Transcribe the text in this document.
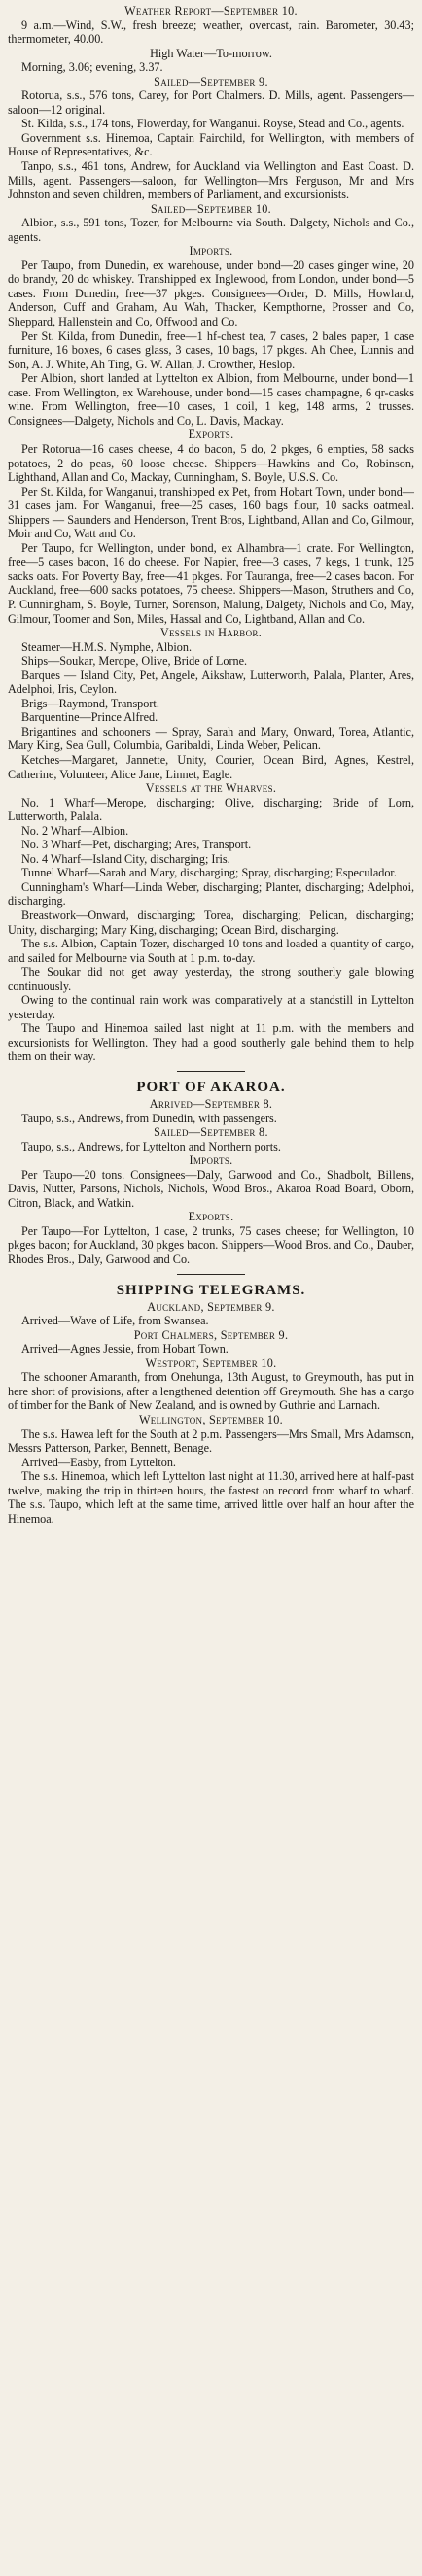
Weather Report—September 10.

9 a.m.—Wind, S.W., fresh breeze; weather, overcast, rain. Barometer, 30.43; thermometer, 40.00.

High Water—To-morrow.

Morning, 3.06; evening, 3.37.

Sailed—September 9.

Rotorua, s.s., 576 tons, Carey, for Port Chalmers. D. Mills, agent. Passengers—saloon—12 original.

St. Kilda, s.s., 174 tons, Flowerday, for Wanganui. Royse, Stead and Co., agents.

Government s.s. Hinemoa, Captain Fairchild, for Wellington, with members of House of Representatives, &c.

Tanpo, s.s., 461 tons, Andrew, for Auckland via Wellington and East Coast. D. Mills, agent. Passengers—saloon, for Wellington—Mrs Ferguson, Mr and Mrs Johnston and seven children, members of Parliament, and excursionists.

Sailed—September 10.

Albion, s.s., 591 tons, Tozer, for Melbourne via South. Dalgety, Nichols and Co., agents.

Imports.

Per Taupo, from Dunedin, ex warehouse, under bond—20 cases ginger wine, 20 do brandy, 20 do whiskey. Transhipped ex Inglewood, from London, under bond—5 cases. From Dunedin, free—37 pkges. Consignees—Order, D. Mills, Howland, Anderson, Cuff and Graham, Au Wah, Thacker, Kempthorne, Prosser and Co, Sheppard, Hallenstein and Co, Offwood and Co.

Per St. Kilda, from Dunedin, free—1 hf-chest tea, 7 cases, 2 bales paper, 1 case furniture, 16 boxes, 6 cases glass, 3 cases, 10 bags, 17 pkges. Ah Chee, Lunnis and Son, A. J. White, Ah Ting, G. W. Allan, J. Crowther, Heslop.

Per Albion, short landed at Lyttelton ex Albion, from Melbourne, under bond—1 case. From Wellington, ex Warehouse, under bond—15 cases champagne, 6 qr-casks wine. From Wellington, free—10 cases, 1 coil, 1 keg, 148 arms, 2 trusses. Consignees—Dalgety, Nichols and Co, L. Davis, Mackay.

Exports.

Per Rotorua—16 cases cheese, 4 do bacon, 5 do, 2 pkges, 6 empties, 58 sacks potatoes, 2 do peas, 60 loose cheese. Shippers—Hawkins and Co, Robinson, Lighthand, Allan and Co, Mackay, Cunningham, S. Boyle, U.S.S. Co.

Per St. Kilda, for Wanganui, transhipped ex Pet, from Hobart Town, under bond—31 cases jam. For Wanganui, free—25 cases, 160 bags flour, 10 sacks oatmeal. Shippers — Saunders and Henderson, Trent Bros, Lightband, Allan and Co, Gilmour, Moir and Co, Watt and Co.

Per Taupo, for Wellington, under bond, ex Alhambra—1 crate. For Wellington, free—5 cases bacon, 16 do cheese. For Napier, free—3 cases, 7 kegs, 1 trunk, 125 sacks oats. For Poverty Bay, free—41 pkges. For Tauranga, free—2 cases bacon. For Auckland, free—600 sacks potatoes, 75 cheese. Shippers—Mason, Struthers and Co, P. Cunningham, S. Boyle, Turner, Sorenson, Malung, Dalgety, Nichols and Co, May, Gilmour, Toomer and Son, Miles, Hassal and Co, Lightband, Allan and Co.

Vessels in Harbor.

Steamer—H.M.S. Nymphe, Albion.

Ships—Soukar, Merope, Olive, Bride of Lorne.

Barques — Island City, Pet, Angele, Aikshaw, Lutterworth, Palala, Planter, Ares, Adelphoi, Iris, Ceylon.

Brigs—Raymond, Transport.

Barquentine—Prince Alfred.

Brigantines and schooners — Spray, Sarah and Mary, Onward, Torea, Atlantic, Mary King, Sea Gull, Columbia, Garibaldi, Linda Weber, Pelican.

Ketches—Margaret, Jannette, Unity, Courier, Ocean Bird, Agnes, Kestrel, Catherine, Volunteer, Alice Jane, Linnet, Eagle.

Vessels at the Wharves.

No. 1 Wharf—Merope, discharging; Olive, discharging; Bride of Lorn, Lutterworth, Palala.

No. 2 Wharf—Albion.

No. 3 Wharf—Pet, discharging; Ares, Transport.

No. 4 Wharf—Island City, discharging; Iris.

Tunnel Wharf—Sarah and Mary, discharging; Spray, discharging; Especulador.

Cunningham's Wharf—Linda Weber, discharging; Planter, discharging; Adelphoi, discharging.

Breastwork—Onward, discharging; Torea, discharging; Pelican, discharging; Unity, discharging; Mary King, discharging; Ocean Bird, discharging.

The s.s. Albion, Captain Tozer, discharged 10 tons and loaded a quantity of cargo, and sailed for Melbourne via South at 1 p.m. to-day.

The Soukar did not get away yesterday, the strong southerly gale blowing continuously.

Owing to the continual rain work was comparatively at a standstill in Lyttelton yesterday.

The Taupo and Hinemoa sailed last night at 11 p.m. with the members and excursionists for Wellington. They had a good southerly gale behind them to help them on their way.

PORT OF AKAROA.

Arrived—September 8.

Taupo, s.s., Andrews, from Dunedin, with passengers.

Sailed—September 8.

Taupo, s.s., Andrews, for Lyttelton and Northern ports.

Imports.

Per Taupo—20 tons. Consignees—Daly, Garwood and Co., Shadbolt, Billens, Davis, Nutter, Parsons, Nichols, Nichols, Wood Bros., Akaroa Road Board, Oborn, Citron, Black, and Watkin.

Exports.

Per Taupo—For Lyttelton, 1 case, 2 trunks, 75 cases cheese; for Wellington, 10 pkges bacon; for Auckland, 30 pkges bacon. Shippers—Wood Bros. and Co., Dauber, Rhodes Bros., Daly, Garwood and Co.

SHIPPING TELEGRAMS.

Auckland, September 9.

Arrived—Wave of Life, from Swansea.

Port Chalmers, September 9.

Arrived—Agnes Jessie, from Hobart Town.

Westport, September 10.

The schooner Amaranth, from Onehunga, 13th August, to Greymouth, has put in here short of provisions, after a lengthened detention off Greymouth. She has a cargo of timber for the Bank of New Zealand, and is owned by Guthrie and Larnach.

Wellington, September 10.

The s.s. Hawea left for the South at 2 p.m. Passengers—Mrs Small, Mrs Adamson, Messrs Patterson, Parker, Bennett, Benage.

Arrived—Easby, from Lyttelton.

The s.s. Hinemoa, which left Lyttelton last night at 11.30, arrived here at half-past twelve, making the trip in thirteen hours, the fastest on record from wharf to wharf. The s.s. Taupo, which left at the same time, arrived little over half an hour after the Hinemoa.
